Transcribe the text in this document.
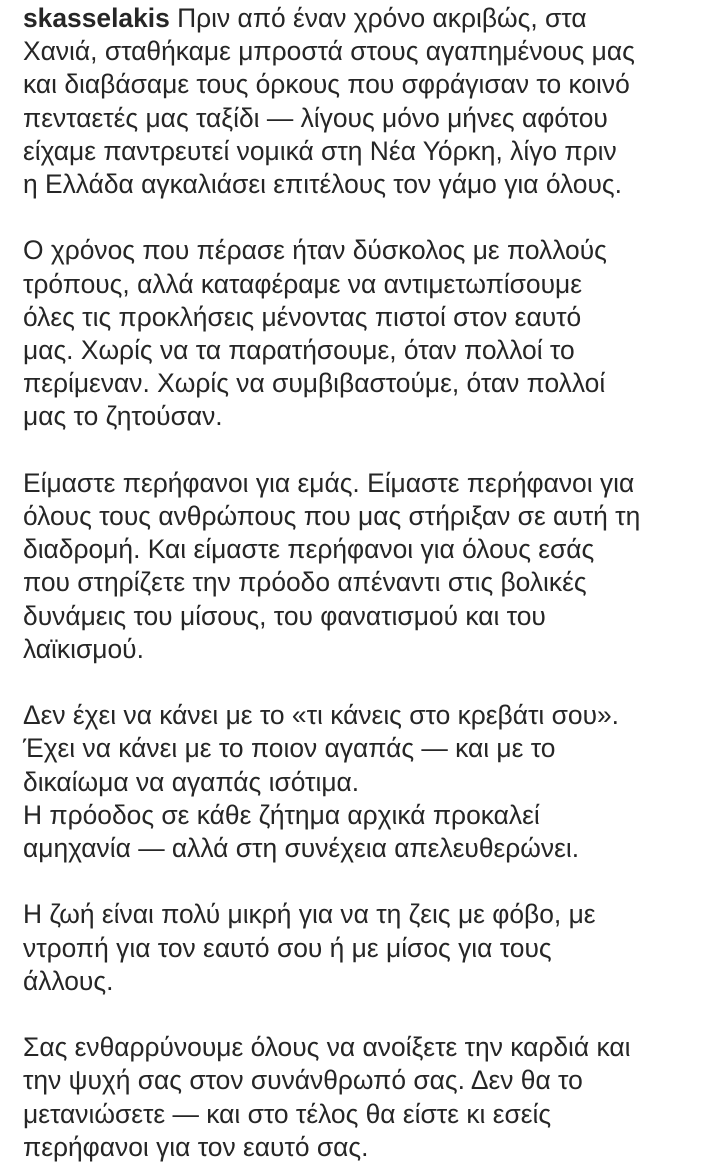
skasselakis Πριν από έναν χρόνο ακριβώς, στα
Χανιά, σταθήκαμε μπροστά στους αγαπημένους μας
και διαβάσαμε τους όρκους που σφράγισαν το κοινό
πενταετές μας ταξίδι — λίγους μόνο μήνες αφότου
είχαμε παντρευτεί νομικά στη Νέα Υόρκη, λίγο πριν
η Ελλάδα αγκαλιάσει επιτέλους τον γάμο για όλους.
Ο χρόνος που πέρασε ήταν δύσκολος με πολλούς
τρόπους, αλλά καταφέραμε να αντιμετωπίσουμε
όλες τις προκλήσεις μένοντας πιστοί στον εαυτό
μας. Χωρίς να τα παρατήσουμε, όταν πολλοί το
περίμεναν. Χωρίς να συμβιβαστούμε, όταν πολλοί
μας το ζητούσαν.
Είμαστε περήφανοι για εμάς. Είμαστε περήφανοι για
όλους τους ανθρώπους που μας στήριξαν σε αυτή τη
διαδρομή. Και είμαστε περήφανοι για όλους εσάς
που στηρίζετε την πρόοδο απέναντι στις βολικές
δυνάμεις του μίσους, του φανατισμού και του
λαϊκισμού.
Δεν έχει να κάνει με το «τι κάνεις στο κρεβάτι σου».
Έχει να κάνει με το ποιον αγαπάς — και με το
δικαίωμα να αγαπάς ισότιμα.
Η πρόοδος σε κάθε ζήτημα αρχικά προκαλεί
αμηχανία — αλλά στη συνέχεια απελευθερώνει.
Η ζωή είναι πολύ μικρή για να τη ζεις με φόβο, με
ντροπή για τον εαυτό σου ή με μίσος για τους
άλλους.
Σας ενθαρρύνουμε όλους να ανοίξετε την καρδιά και
την ψυχή σας στον συνάνθρωπό σας. Δεν θα το
μετανιώσετε — και στο τέλος θα είστε κι εσείς
περήφανοι για τον εαυτό σας.
